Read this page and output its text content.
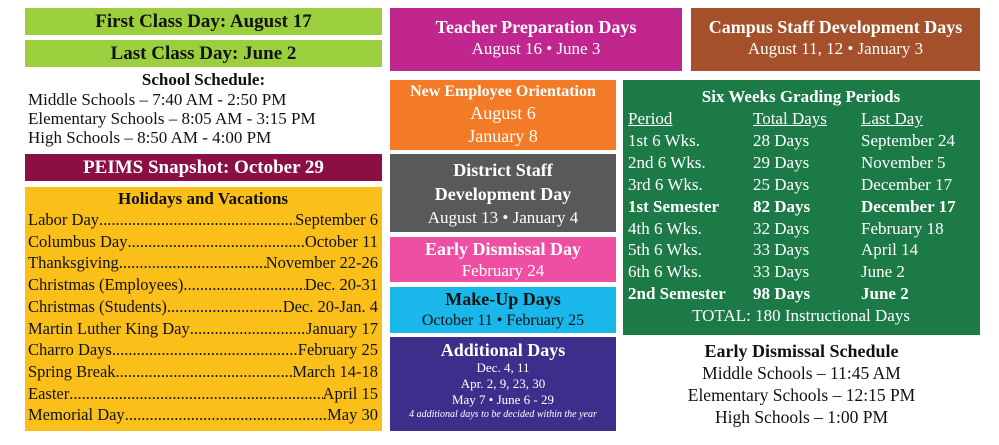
First Class Day: August 17
Last Class Day: June 2
School Schedule:
Middle Schools – 7:40 AM - 2:50 PM
Elementary Schools – 8:05 AM - 3:15 PM
High Schools – 8:50 AM - 4:00 PM
PEIMS Snapshot: October 29
Holidays and Vacations
Labor Day .....	September 6
Columbus Day .....	October 11
Thanksgiving .....	November 22-26
Christmas (Employees) .....	Dec. 20-31
Christmas (Students) .....	Dec. 20-Jan. 4
Martin Luther King Day .....	January 17
Charro Days .....	February 25
Spring Break .....	March 14-18
Easter .....	April 15
Memorial Day .....	May 30
Teacher Preparation Days
August 16 • June 3
New Employee Orientation
August 6
January 8
District Staff
Development Day
August 13 • January 4
Early Dismissal Day
February 24
Make-Up Days
October 11 • February 25
Additional Days
Dec. 4, 11
Apr. 2, 9, 23, 30
May 7 • June 6 - 29
4 additional days to be decided within the year
Campus Staff Development Days
August 11, 12 • January 3
Six Weeks Grading Periods
Period	Total Days	Last Day
1st 6 Wks.	28 Days	September 24
2nd 6 Wks.	29 Days	November 5
3rd 6 Wks.	25 Days	December 17
1st Semester	82 Days	December 17
4th 6 Wks.	32 Days	February 18
5th 6 Wks.	33 Days	April 14
6th 6 Wks.	33 Days	June 2
2nd Semester	98 Days	June 2
TOTAL: 180 Instructional Days
Early Dismissal Schedule
Middle Schools – 11:45 AM
Elementary Schools – 12:15 PM
High Schools – 1:00 PM
